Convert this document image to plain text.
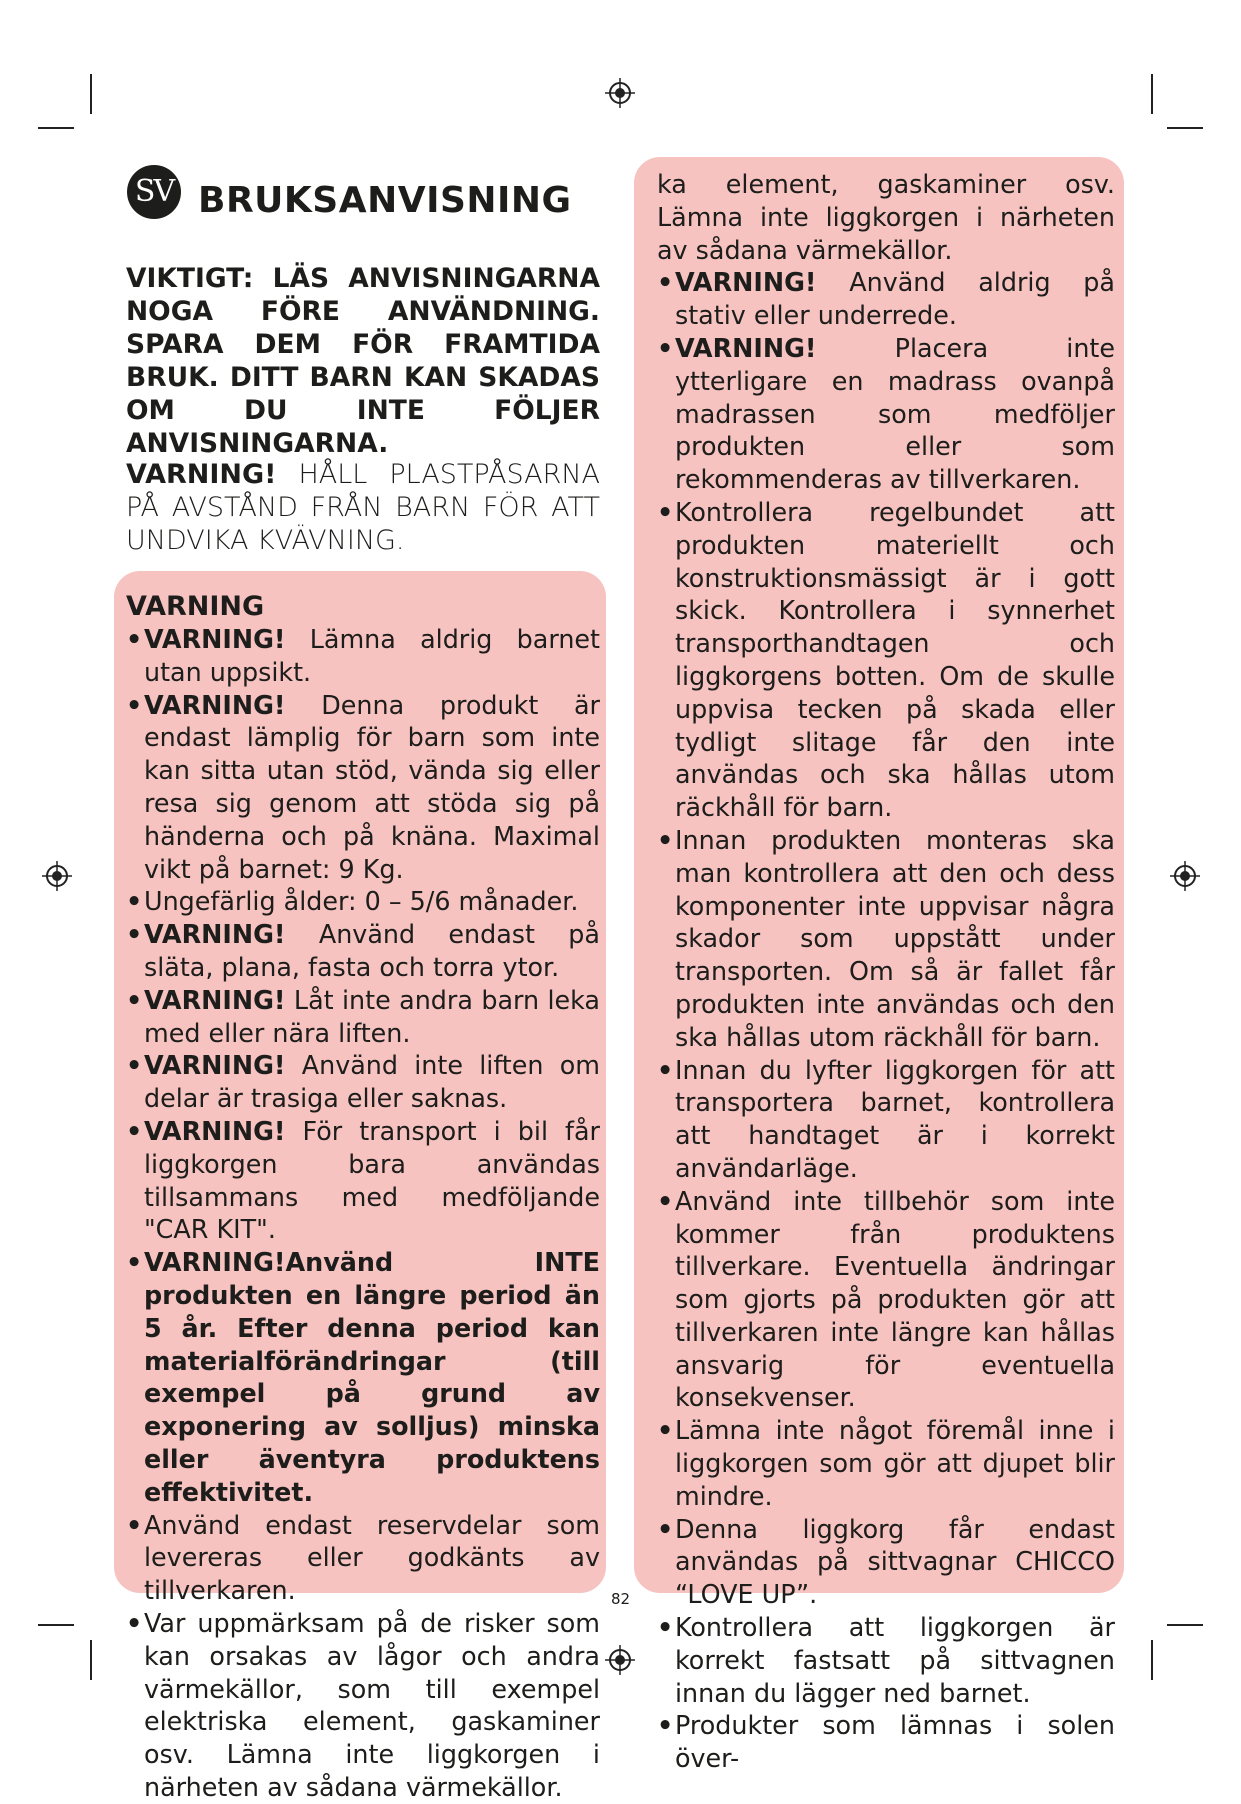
SV BRUKSANVISNING

VIKTIGT: LÄS ANVISNINGARNA NOGA FÖRE ANVÄNDNING. SPARA DEM FÖR FRAMTIDA BRUK. DITT BARN KAN SKADAS OM DU INTE FÖLJER ANVISNINGARNA.

VARNING! HÅLL PLASTPÅSARNA PÅ AVSTÅND FRÅN BARN FÖR ATT UNDVIKA KVÄVNING.

VARNING

• VARNING! Lämna aldrig barnet utan uppsikt.
• VARNING! Denna produkt är endast lämplig för barn som inte kan sitta utan stöd, vända sig eller resa sig genom att stöda sig på händerna och på knäna. Maximal vikt på barnet: 9 Kg.
• Ungefärlig ålder: 0 – 5/6 månader.
• VARNING! Använd endast på släta, plana, fasta och torra ytor.
• VARNING! Låt inte andra barn leka med eller nära liften.
• VARNING! Använd inte liften om delar är trasiga eller saknas.
• VARNING! För transport i bil får liggkorgen bara användas tillsammans med medföljande "CAR KIT".
• VARNING!Använd INTE produkten en längre period än 5 år. Efter denna period kan materialförändringar (till exempel på grund av exponering av solljus) minska eller äventyra produktens effektivitet.
• Använd endast reservdelar som levereras eller godkänts av tillverkaren.
• Var uppmärksam på de risker som kan orsakas av lågor och andra värmekällor, som till exempel elektriska element, gaskaminer osv. Lämna inte liggkorgen i närheten av sådana värmekällor.
ka element, gaskaminer osv. Lämna inte liggkorgen i närheten av sådana värmekällor.
• VARNING! Använd aldrig på stativ eller underrede.
• VARNING! Placera inte ytterligare en madrass ovanpå madrassen som medföljer produkten eller som rekommenderas av tillverkaren.
• Kontrollera regelbundet att produkten materiellt och konstruktionsmässigt är i gott skick. Kontrollera i synnerhet transporthandtagen och liggkorgens botten. Om de skulle uppvisa tecken på skada eller tydligt slitage får den inte användas och ska hållas utom räckhåll för barn.
• Innan produkten monteras ska man kontrollera att den och dess komponenter inte uppvisar några skador som uppstått under transporten. Om så är fallet får produkten inte användas och den ska hållas utom räckhåll för barn.
• Innan du lyfter liggkorgen för att transportera barnet, kontrollera att handtaget är i korrekt användarläge.
• Använd inte tillbehör som inte kommer från produktens tillverkare. Eventuella ändringar som gjorts på produkten gör att tillverkaren inte längre kan hållas ansvarig för eventuella konsekvenser.
• Lämna inte något föremål inne i liggkorgen som gör att djupet blir mindre.
• Denna liggkorg får endast användas på sittvagnar CHICCO “LOVE UP”.
• Kontrollera att liggkorgen är korrekt fastsatt på sittvagnen innan du lägger ned barnet.
• Produkter som lämnas i solen över-
82
